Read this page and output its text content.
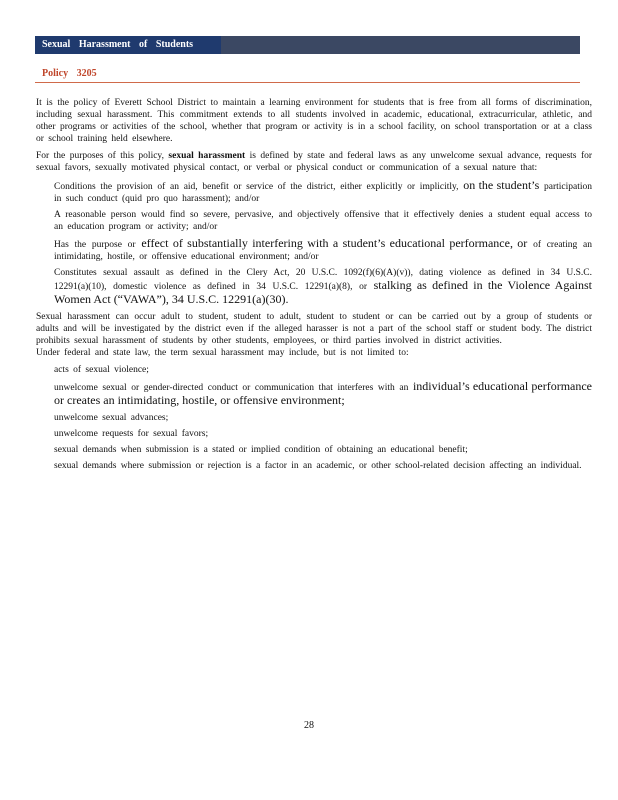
Sexual Harassment of Students
Policy 3205

It is the policy of Everett School District to maintain a learning environment for students that is free from all forms of discrimination, including sexual harassment. This commitment extends to all students involved in academic, educational, extracurricular, athletic, and other programs or activities of the school, whether that program or activity is in a school facility, on school transportation or at a class or school training held elsewhere.

For the purposes of this policy, sexual harassment is defined by state and federal laws as any unwelcome sexual advance, requests for sexual favors, sexually motivated physical contact, or verbal or physical conduct or communication of a sexual nature that:

Conditions the provision of an aid, benefit or service of the district, either explicitly or implicitly, on the student’s participation in such conduct (quid pro quo harassment); and/or
A reasonable person would find so severe, pervasive, and objectively offensive that it effectively denies a student equal access to an education program or activity; and/or
Has the purpose or effect of substantially interfering with a student’s educational performance, or of creating an intimidating, hostile, or offensive educational environment; and/or
Constitutes sexual assault as defined in the Clery Act, 20 U.S.C. 1092(f)(6)(A)(v)), dating violence as defined in 34 U.S.C. 12291(a)(10), domestic violence as defined in 34 U.S.C. 12291(a)(8), or stalking as defined in the Violence Against Women Act (“VAWA”), 34 U.S.C. 12291(a)(30).

Sexual harassment can occur adult to student, student to adult, student to student or can be carried out by a group of students or adults and will be investigated by the district even if the alleged harasser is not a part of the school staff or student body. The district prohibits sexual harassment of students by other students, employees, or third parties involved in district activities.

Under federal and state law, the term sexual harassment may include, but is not limited to:

acts of sexual violence;
unwelcome sexual or gender-directed conduct or communication that interferes with an individual’s educational performance or creates an intimidating, hostile, or offensive environment;
unwelcome sexual advances;
unwelcome requests for sexual favors;
sexual demands when submission is a stated or implied condition of obtaining an educational benefit;
sexual demands where submission or rejection is a factor in an academic, or other school-related decision affecting an individual.
28
